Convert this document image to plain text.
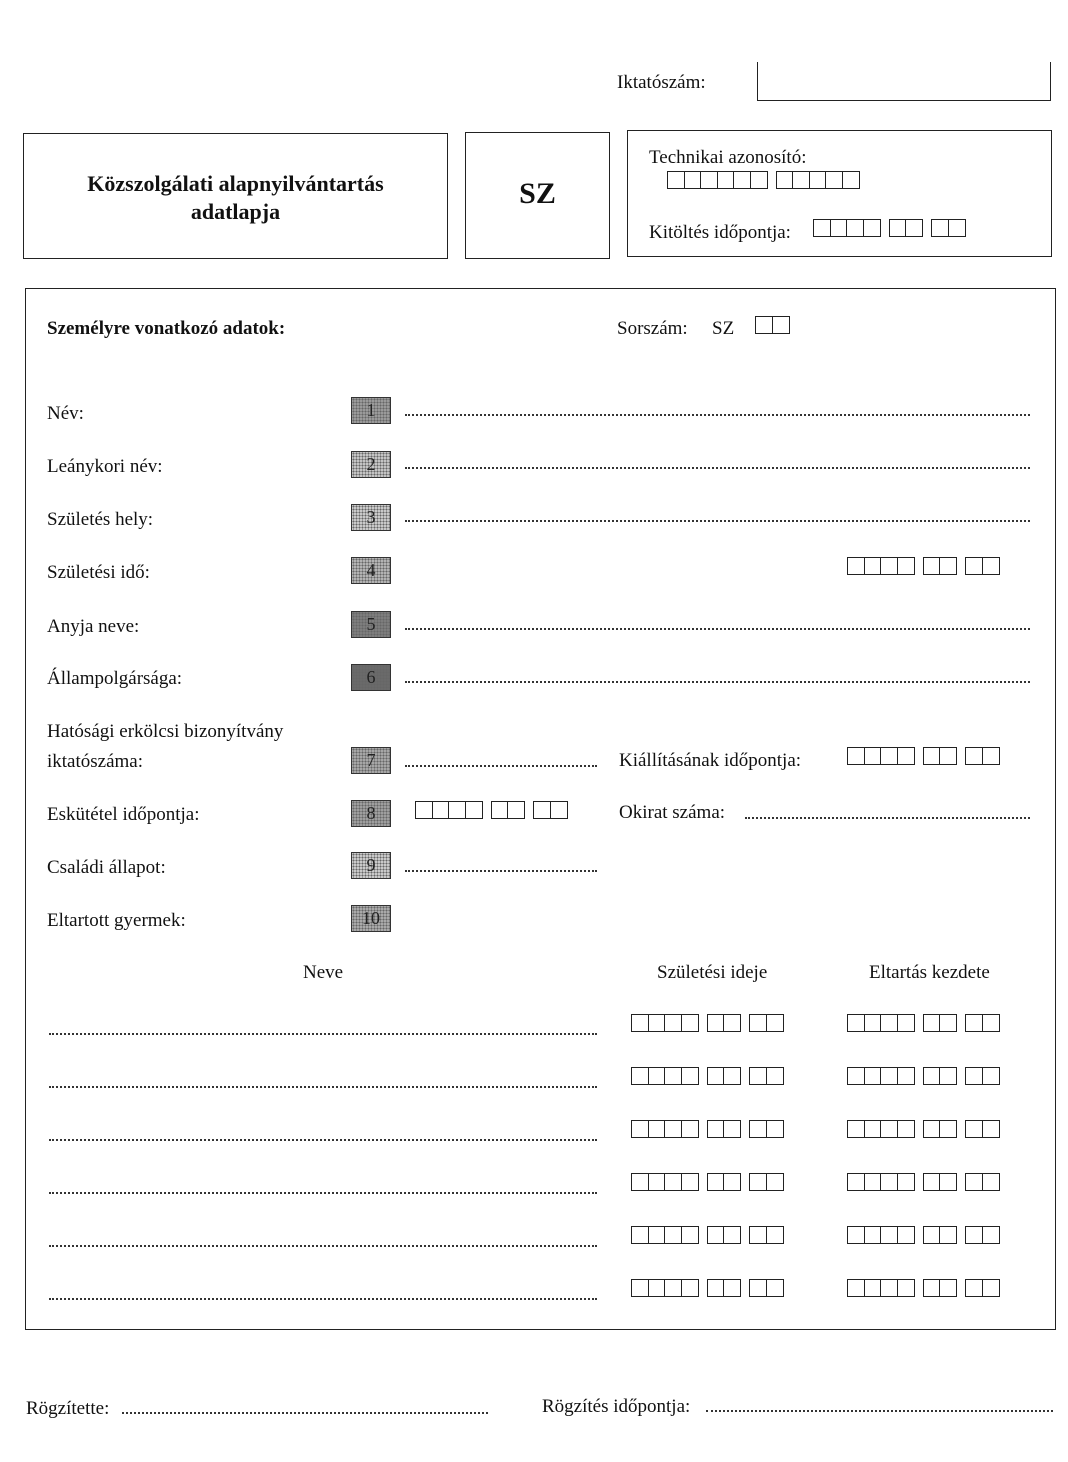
Iktatószám:
Közszolgálati alapnyilvántartás
adatlapja
SZ
Technikai azonosító:
Kitöltés időpontja:
Személyre vonatkozó adatok:	Sorszám: SZ
Név:	1
Leánykori név:	2
Születés hely:	3
Születési idő:	4
Anyja neve:	5
Állampolgársága:	6
Hatósági erkölcsi bizonyítvány
iktatószáma:	7	Kiállításának időpontja:
Eskütétel időpontja:	8	Okirat száma:
Családi állapot:	9
Eltartott gyermek:	10
Neve	Születési ideje	Eltartás kezdete
Rögzítette:	Rögzítés időpontja:
